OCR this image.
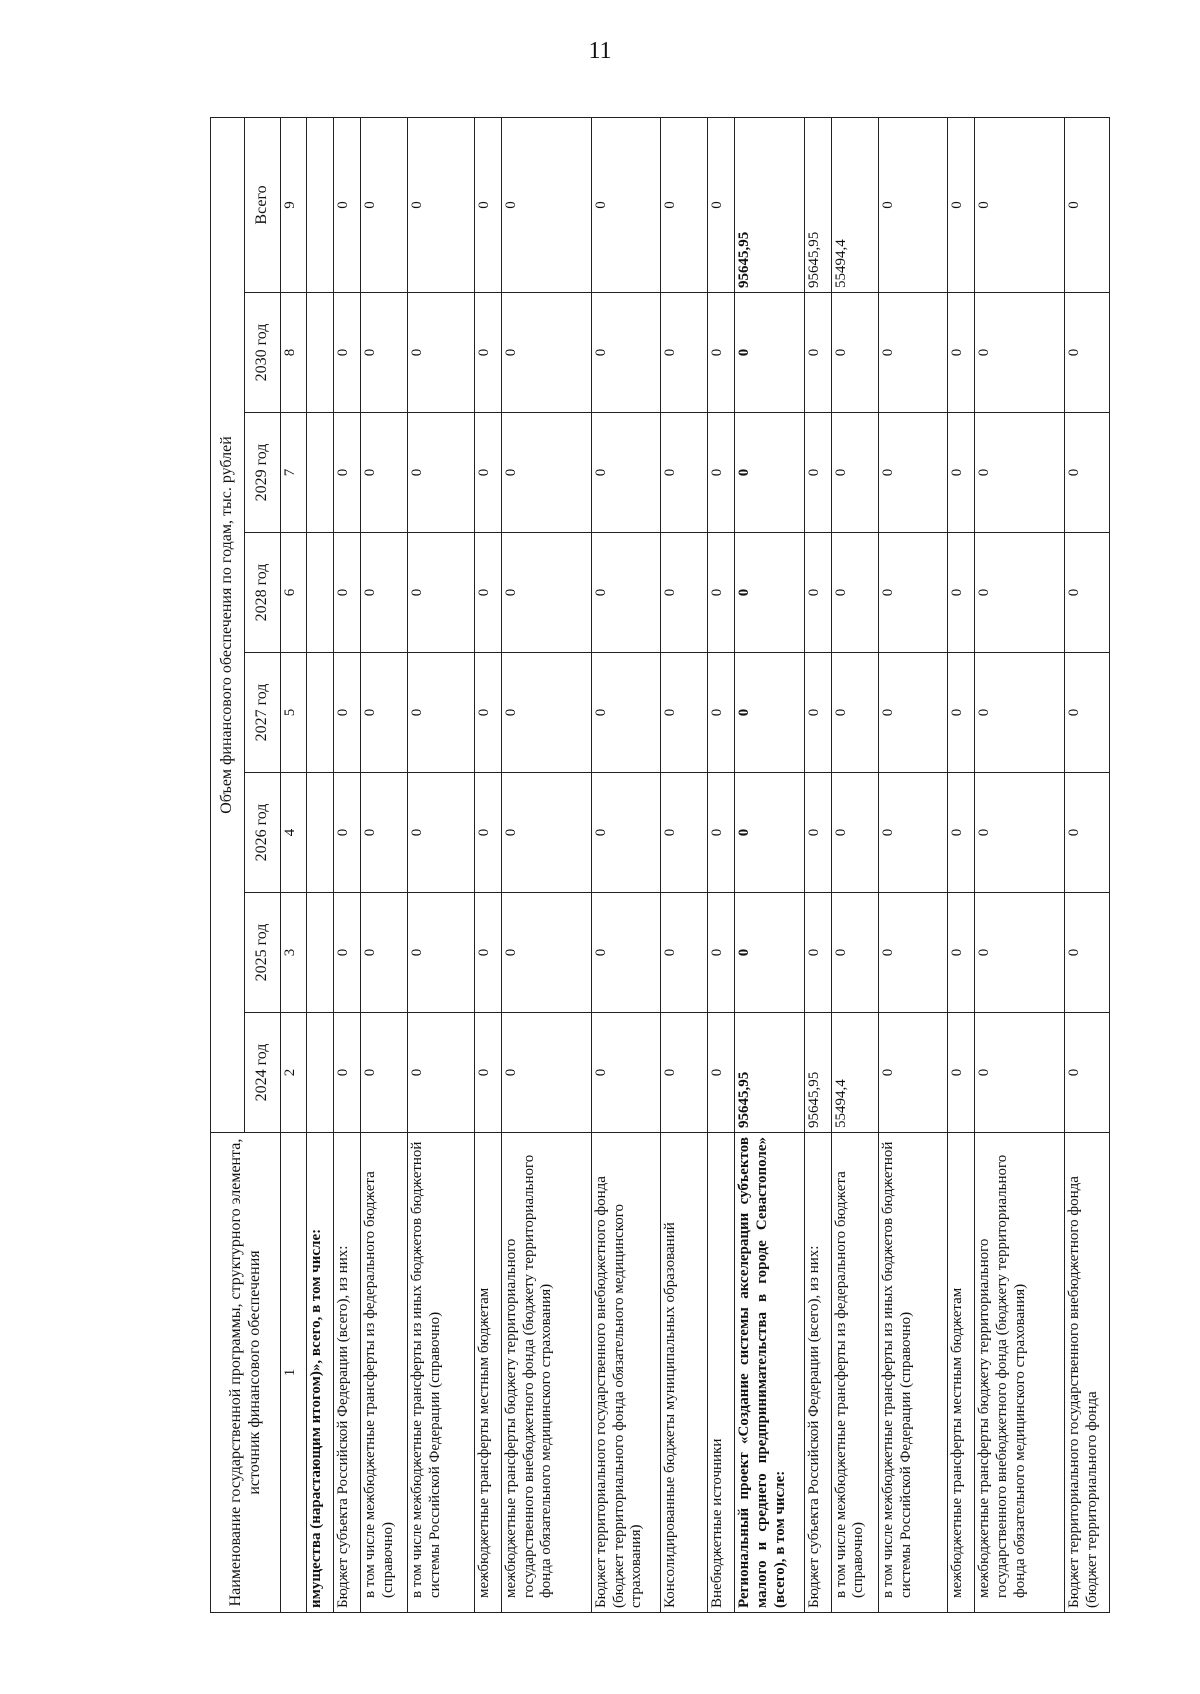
11
Наименование государственной программы, структурного элемента, источник финансового обеспечения	Объем финансового обеспечения по годам, тыс. рублей							
	2024 год	2025 год	2026 год	2027 год	2028 год	2029 год	2030 год	Всего
1	2	3	4	5	6	7	8	9
имущества (нарастающим итогом)», всего, в том числе:								
Бюджет субъекта Российской Федерации (всего), из них:	0	0	0	0	0	0	0	0
в том числе межбюджетные трансферты из федерального бюджета (справочно)	0	0	0	0	0	0	0	0
в том числе межбюджетные трансферты из иных бюджетов бюджетной системы Российской Федерации (справочно)	0	0	0	0	0	0	0	0
межбюджетные трансферты местным бюджетам	0	0	0	0	0	0	0	0
межбюджетные трансферты бюджету территориального государственного внебюджетного фонда (бюджету территориального фонда обязательного медицинского страхования)	0	0	0	0	0	0	0	0
Бюджет территориального государственного внебюджетного фонда (бюджет территориального фонда обязательного медицинского страхования)	0	0	0	0	0	0	0	0
Консолидированные бюджеты муниципальных образований	0	0	0	0	0	0	0	0
Внебюджетные источники	0	0	0	0	0	0	0	0
Региональный проект «Создание системы акселерации субъектов малого и среднего предпринимательства в городе Севастополе» (всего), в том числе:	95645,95	0	0	0	0	0	0	95645,95
Бюджет субъекта Российской Федерации (всего), из них:	95645,95	0	0	0	0	0	0	95645,95
в том числе межбюджетные трансферты из федерального бюджета (справочно)	55494,4	0	0	0	0	0	0	55494,4
в том числе межбюджетные трансферты из иных бюджетов бюджетной системы Российской Федерации (справочно)	0	0	0	0	0	0	0	0
межбюджетные трансферты местным бюджетам	0	0	0	0	0	0	0	0
межбюджетные трансферты бюджету территориального государственного внебюджетного фонда (бюджету территориального фонда обязательного медицинского страхования)	0	0	0	0	0	0	0	0
Бюджет территориального государственного внебюджетного фонда (бюджет территориального фонда	0	0	0	0	0	0	0	0
